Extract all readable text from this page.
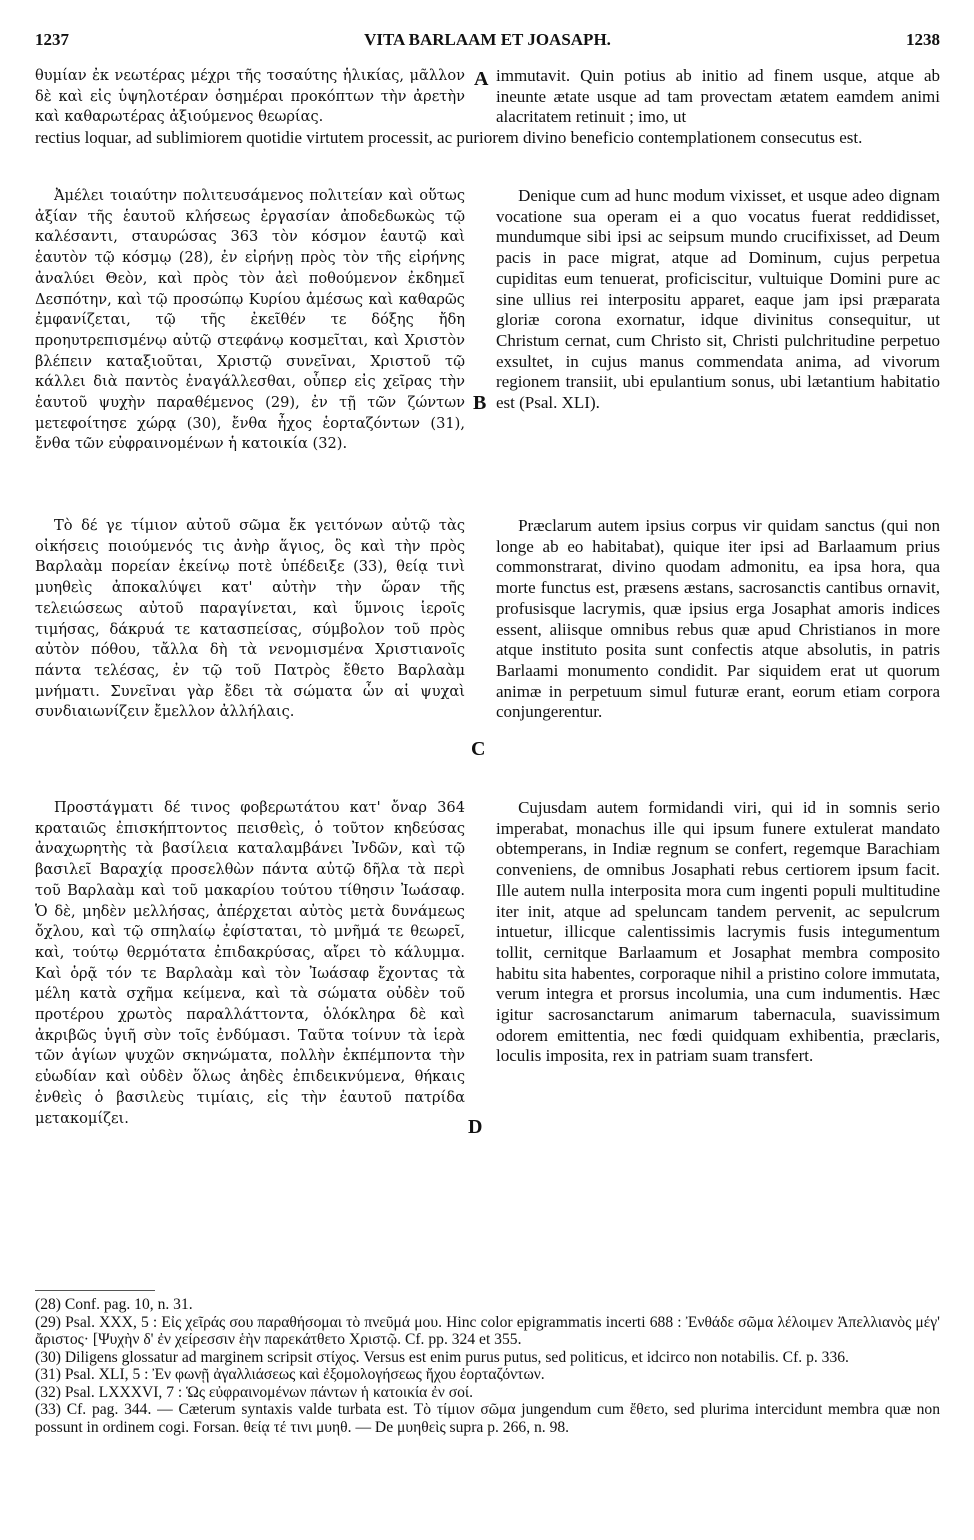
1237	VITA BARLAAM ET JOASAPH.	1238

θυμίαν ἐκ νεωτέρας μέχρι τῆς τοσαύτης ἡλικίας, μᾶλλον δὲ καὶ εἰς ὑψηλοτέραν ὁσημέραι προκόπτων τὴν ἀρετὴν καὶ καθαρωτέρας ἀξιούμενος θεωρίας.

A immutavit. Quin potius ab initio ad finem usque, atque ab ineunte ætate usque ad tam provectam ætatem eamdem animi alacritatem retinuit ; imo, ut

rectius loquar, ad sublimiorem quotidie virtutem processit, ac puriorem divino beneficio contemplationem consecutus est.

Ἀμέλει τοιαύτην πολιτευσάμενος πολιτείαν καὶ οὕτως ἀξίαν τῆς ἑαυτοῦ κλήσεως ἐργασίαν ἀποδεδωκὼς τῷ καλέσαντι, σταυρώσας 363 τὸν κόσμον ἑαυτῷ καὶ ἑαυτὸν τῷ κόσμῳ (28), ἐν εἰρήνῃ πρὸς τὸν τῆς εἰρήνης ἀναλύει Θεὸν, καὶ πρὸς τὸν ἀεὶ ποθούμενον ἐκδημεῖ Δεσπότην, καὶ τῷ προσώπῳ Κυρίου ἀμέσως καὶ καθαρῶς ἐμφανίζεται, τῷ τῆς ἐκεῖθέν τε δόξης ἤδη προηυτρεπισμένῳ αὐτῷ στεφάνῳ κοσμεῖται, καὶ Χριστὸν βλέπειν καταξιοῦται, Χριστῷ συνεῖναι, Χριστοῦ τῷ κάλλει διὰ παντὸς ἐναγάλλεσθαι, οὗπερ εἰς χεῖρας τὴν ἑαυτοῦ ψυχὴν παραθέμενος (29), ἐν τῇ τῶν ζώντων μετεφοίτησε χώρᾳ (30), ἔνθα ἦχος ἑορταζόντων (31), ἔνθα τῶν εὐφραινομένων ἡ κατοικία (32).

B

Denique cum ad hunc modum vixisset, et usque adeo dignam vocatione sua operam ei a quo vocatus fuerat reddidisset, mundumque sibi ipsi ac seipsum mundo crucifixisset, ad Deum pacis in pace migrat, atque ad Dominum, cujus perpetua cupiditas eum tenuerat, proficiscitur, vultuique Domini pure ac sine ullius rei interpositu apparet, eaque jam ipsi præparata gloriæ corona exornatur, idque divinitus consequitur, ut Christum cernat, cum Christo sit, Christi pulchritudine perpetuo exsultet, in cujus manus commendata anima, ad vivorum regionem transiit, ubi epulantium sonus, ubi lætantium habitatio est (Psal. XLI).

Τὸ δέ γε τίμιον αὐτοῦ σῶμα ἔκ γειτόνων αὐτῷ τὰς οἰκήσεις ποιούμενός τις ἀνὴρ ἅγιος, ὃς καὶ τὴν πρὸς Βαρλαὰμ πορείαν ἐκείνῳ ποτὲ ὑπέδειξε (33), θείᾳ τινὶ μυηθεὶς ἀποκαλύψει κατ' αὐτὴν τὴν ὥραν τῆς τελειώσεως αὐτοῦ παραγίνεται, καὶ ὕμνοις ἱεροῖς τιμήσας, δάκρυά τε κατασπείσας, σύμβολον τοῦ πρὸς αὐτὸν πόθου, τἄλλα δὴ τὰ νενομισμένα Χριστιανοῖς πάντα τελέσας, ἐν τῷ τοῦ Πατρὸς ἔθετο Βαρλαὰμ μνήματι. Συνεῖναι γὰρ ἔδει τὰ σώματα ὧν αἱ ψυχαὶ συνδιαιωνίζειν ἔμελλον ἀλλήλαις.

C

Præclarum autem ipsius corpus vir quidam sanctus (qui non longe ab eo habitabat), quique iter ipsi ad Barlaamum prius commonstrarat, divino quodam admonitu, ea ipsa hora, qua morte functus est, præsens æstans, sacrosanctis cantibus ornavit, profusisque lacrymis, quæ ipsius erga Josaphat amoris indices essent, aliisque omnibus rebus quæ apud Christianos in more atque instituto posita sunt confectis atque absolutis, in patris Barlaami monumento condidit. Par siquidem erat ut quorum animæ in perpetuum simul futuræ erant, eorum etiam corpora conjungerentur.

Προστάγματι δέ τινος φοβερωτάτου κατ' ὄναρ 364 κραταιῶς ἐπισκήπτοντος πεισθεὶς, ὁ τοῦτον κηδεύσας ἀναχωρητὴς τὰ βασίλεια καταλαμβάνει Ἰνδῶν, καὶ τῷ βασιλεῖ Βαραχίᾳ προσελθὼν πάντα αὐτῷ δῆλα τὰ περὶ τοῦ Βαρλαὰμ καὶ τοῦ μακαρίου τούτου τίθησιν Ἰωάσαφ. Ὁ δὲ, μηδὲν μελλήσας, ἀπέρχεται αὐτὸς μετὰ δυνάμεως ὄχλου, καὶ τῷ σπηλαίῳ ἐφίσταται, τὸ μνῆμά τε θεωρεῖ, καὶ, τούτῳ θερμότατα ἐπιδακρύσας, αἴρει τὸ κάλυμμα. Καὶ ὁρᾷ τόν τε Βαρλαὰμ καὶ τὸν Ἰωάσαφ ἔχοντας τὰ μέλη κατὰ σχῆμα κείμενα, καὶ τὰ σώματα οὐδὲν τοῦ προτέρου χρωτὸς παραλλάττοντα, ὁλόκληρα δὲ καὶ ἀκριβῶς ὑγιῆ σὺν τοῖς ἐνδύμασι. Ταῦτα τοίνυν τὰ ἱερὰ τῶν ἁγίων ψυχῶν σκηνώματα, πολλὴν ἐκπέμποντα τὴν εὐωδίαν καὶ οὐδὲν ὅλως ἀηδὲς ἐπιδεικνύμενα, θήκαις ἐνθεὶς ὁ βασιλεὺς τιμίαις, εἰς τὴν ἑαυτοῦ πατρίδα μετακομίζει.	D

Cujusdam autem formidandi viri, qui id in somnis serio imperabat, monachus ille qui ipsum funere extulerat mandato obtemperans, in Indiæ regnum se confert, regemque Barachiam conveniens, de omnibus Josaphati rebus certiorem ipsum facit. Ille autem nulla interposita mora cum ingenti populi multitudine iter init, atque ad speluncam tandem pervenit, ac sepulcrum intuetur, illicque calentissimis lacrymis fusis integumentum tollit, cernitque Barlaamum et Josaphat membra composito habitu sita habentes, corporaque nihil a pristino colore immutata, verum integra et prorsus incolumia, una cum indumentis. Hæc igitur sacrosanctarum animarum tabernacula, suavissimum odorem emittentia, nec fœdi quidquam exhibentia, præclaris, loculis imposita, rex in patriam suam transfert.

(28) Conf. pag. 10, n. 31.

(29) Psal. XXX, 5 : Εἰς χεῖράς σου παραθήσομαι τὸ πνεῦμά μου. Hinc color epigrammatis incerti 688 : Ἐνθάδε σῶμα λέλοιμεν Ἀπελλιανὸς μέγ' ἄριστος· [Ψυχὴν δ' ἐν χείρεσσιν ἑὴν παρεκάτθετο Χριστῷ. Cf. pp. 324 et 355.

(30) Diligens glossatur ad marginem scripsit στίχος. Versus est enim purus putus, sed politicus, et idcirco non notabilis. Cf. p. 336.

(31) Psal. XLI, 5 : Ἐν φωνῇ ἀγαλλιάσεως καὶ ἐξομολογήσεως ἤχου ἑορταζόντων.

(32) Psal. LXXXVI, 7 : Ὡς εὐφραινομένων πάντων ἡ κατοικία ἐν σοί.

(33) Cf. pag. 344. — Cæterum syntaxis valde turbata est. Τὸ τίμιον σῶμα jungendum cum ἔθετο, sed plurima intercidunt membra quæ non possunt in ordinem cogi. Forsan. θείᾳ τέ τινι μυηθ. — De μυηθεὶς supra p. 266, n. 98.
